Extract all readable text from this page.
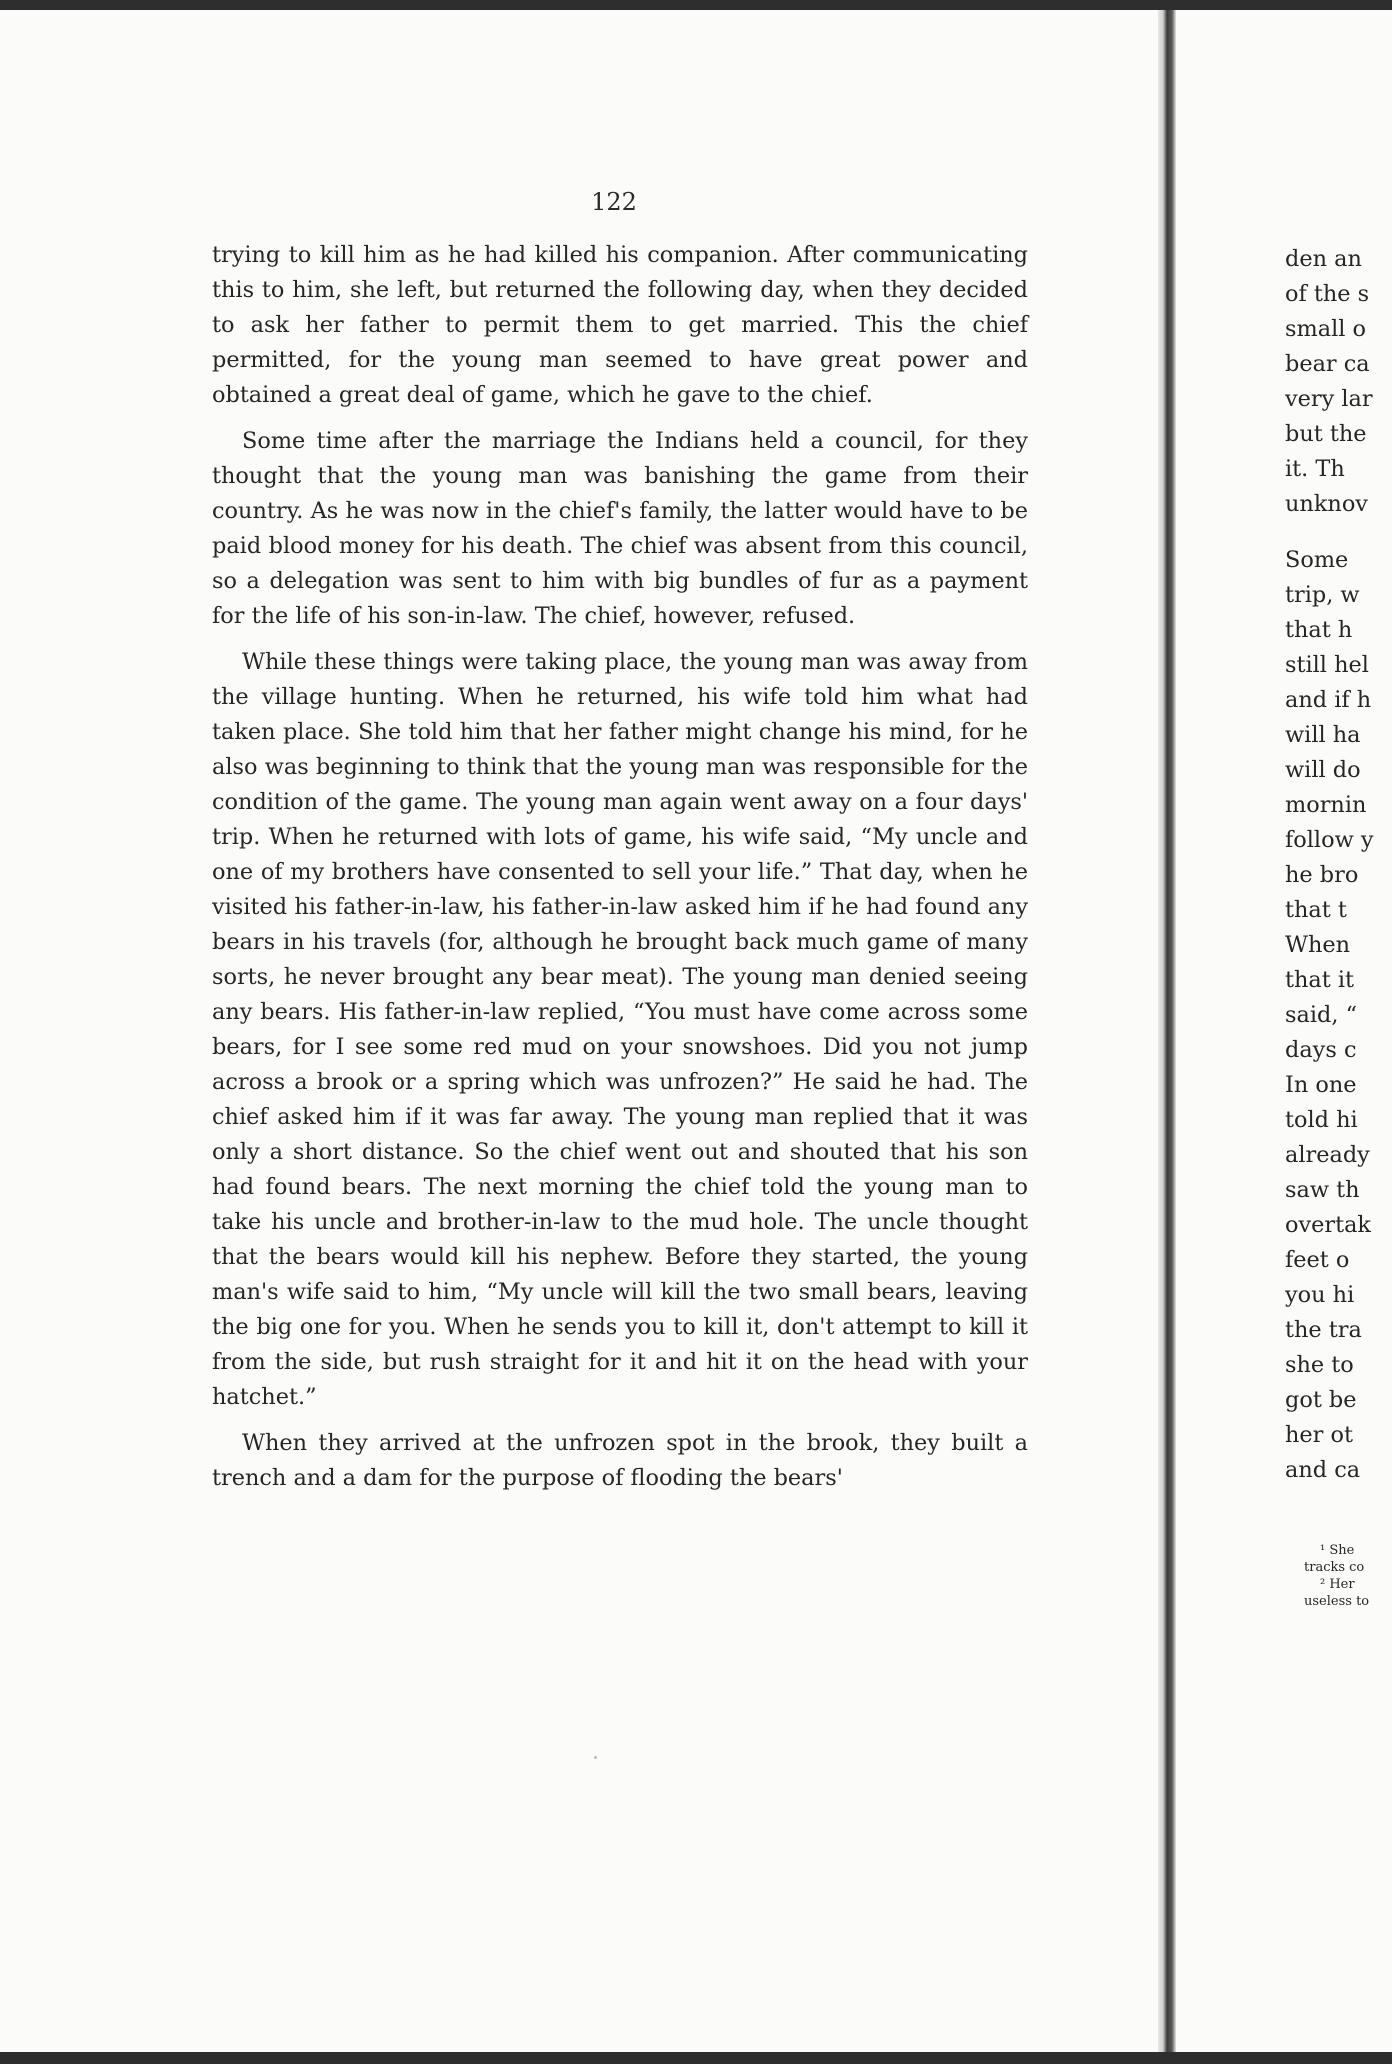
122

trying to kill him as he had killed his companion. After communicating this to him, she left, but returned the following day, when they decided to ask her father to permit them to get married. This the chief permitted, for the young man seemed to have great power and obtained a great deal of game, which he gave to the chief.

Some time after the marriage the Indians held a council, for they thought that the young man was banishing the game from their country. As he was now in the chief's family, the latter would have to be paid blood money for his death. The chief was absent from this council, so a delegation was sent to him with big bundles of fur as a payment for the life of his son-in-law. The chief, however, refused.

While these things were taking place, the young man was away from the village hunting. When he returned, his wife told him what had taken place. She told him that her father might change his mind, for he also was beginning to think that the young man was responsible for the condition of the game. The young man again went away on a four days' trip. When he returned with lots of game, his wife said, “My uncle and one of my brothers have consented to sell your life.” That day, when he visited his father-in-law, his father-in-law asked him if he had found any bears in his travels (for, although he brought back much game of many sorts, he never brought any bear meat). The young man denied seeing any bears. His father-in-law replied, “You must have come across some bears, for I see some red mud on your snowshoes. Did you not jump across a brook or a spring which was unfrozen?” He said he had. The chief asked him if it was far away. The young man replied that it was only a short distance. So the chief went out and shouted that his son had found bears. The next morning the chief told the young man to take his uncle and brother-in-law to the mud hole. The uncle thought that the bears would kill his nephew. Before they started, the young man's wife said to him, “My uncle will kill the two small bears, leaving the big one for you. When he sends you to kill it, don't attempt to kill it from the side, but rush straight for it and hit it on the head with your hatchet.”

When they arrived at the unfrozen spot in the brook, they built a trench and a dam for the purpose of flooding the bears'

den an
of the s
small o
bear ca
very lar
but the
it. Th
unknov
Some
trip, w
that h
still hel
and if h
will ha
will do
mornin
follow y
he bro
that t
When
that it
said, “
days c
In one
told hi
already
saw th
overtak
feet o
you hi
the tra
she to
got be
her ot
and ca
¹ She
tracks co
² Her
useless to
